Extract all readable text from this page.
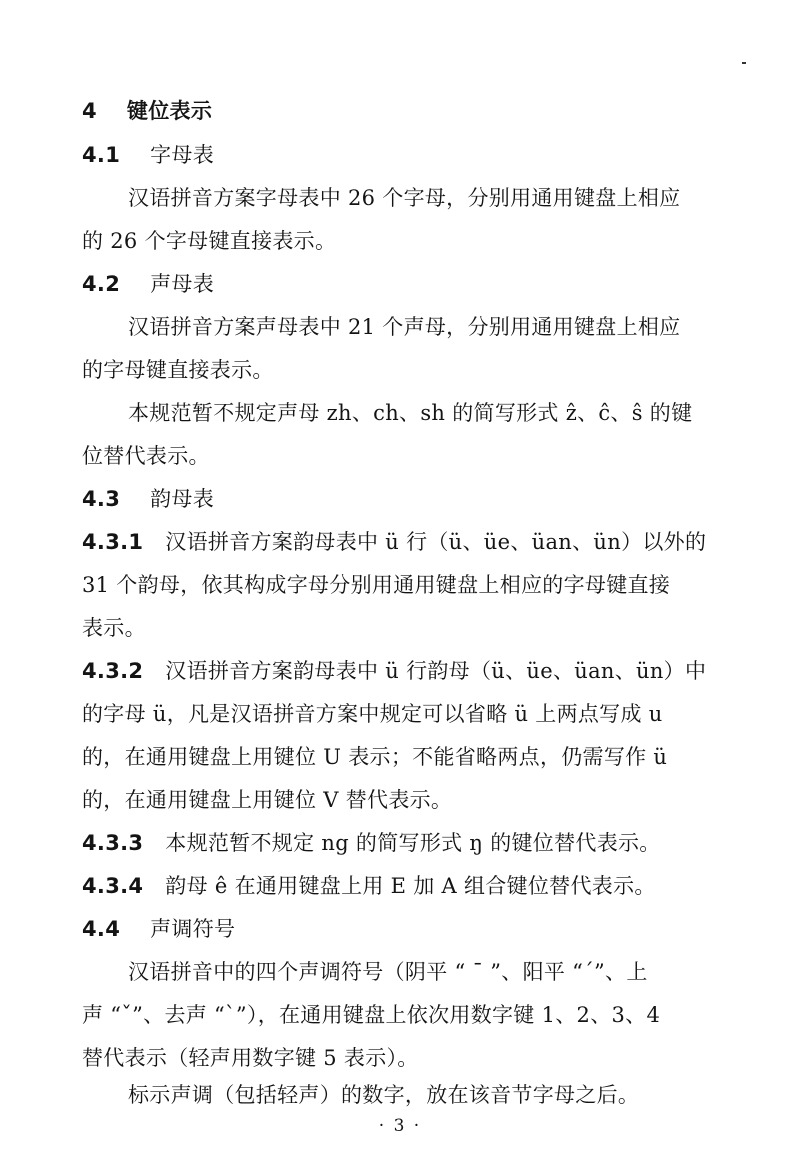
4 键位表示
4.1 字母表
汉语拼音方案字母表中 26 个字母，分别用通用键盘上相应
的 26 个字母键直接表示。
4.2 声母表
汉语拼音方案声母表中 21 个声母，分别用通用键盘上相应
的字母键直接表示。
本规范暂不规定声母 zh、ch、sh 的简写形式 ẑ、ĉ、ŝ 的键
位替代表示。
4.3 韵母表
4.3.1 汉语拼音方案韵母表中 ü 行（ü、üe、üan、ün）以外的
31 个韵母，依其构成字母分别用通用键盘上相应的字母键直接
表示。
4.3.2 汉语拼音方案韵母表中 ü 行韵母（ü、üe、üan、ün）中
的字母 ü，凡是汉语拼音方案中规定可以省略 ü 上两点写成 u
的，在通用键盘上用键位 U 表示；不能省略两点，仍需写作 ü
的，在通用键盘上用键位 V 替代表示。
4.3.3 本规范暂不规定 ng 的简写形式 ŋ 的键位替代表示。
4.3.4 韵母 ê 在通用键盘上用 E 加 A 组合键位替代表示。
4.4 声调符号
汉语拼音中的四个声调符号（阴平 “ ˉ ”、阳平 “ˊ”、上
声 “ˇ”、去声 “ˋ”），在通用键盘上依次用数字键 1、2、3、4
替代表示（轻声用数字键 5 表示）。
标示声调（包括轻声）的数字，放在该音节字母之后。
· 3 ·
